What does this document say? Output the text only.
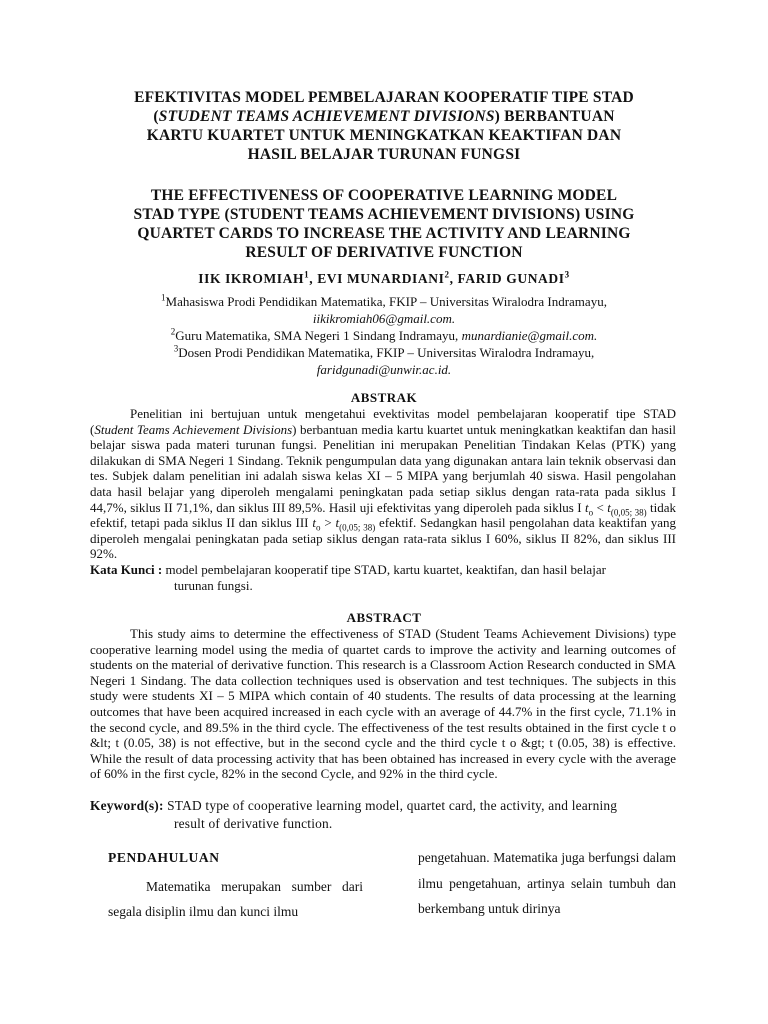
EFEKTIVITAS MODEL PEMBELAJARAN KOOPERATIF TIPE STAD
(STUDENT TEAMS ACHIEVEMENT DIVISIONS) BERBANTUAN
KARTU KUARTET UNTUK MENINGKATKAN KEAKTIFAN DAN
HASIL BELAJAR TURUNAN FUNGSI
THE EFFECTIVENESS OF COOPERATIVE LEARNING MODEL
STAD TYPE (STUDENT TEAMS ACHIEVEMENT DIVISIONS) USING
QUARTET CARDS TO INCREASE THE ACTIVITY AND LEARNING
RESULT OF DERIVATIVE FUNCTION
IIK IKROMIAH$^1$, EVI MUNARDIANI$^2$, FARID GUNADI$^3$
$^1$Mahasiswa Prodi Pendidikan Matematika, FKIP – Universitas Wiralodra Indramayu,
iikikromiah06@gmail.com.
$^2$Guru Matematika, SMA Negeri 1 Sindang Indramayu, munardianie@gmail.com.
$^3$Dosen Prodi Pendidikan Matematika, FKIP – Universitas Wiralodra Indramayu,
faridgunadi@unwir.ac.id.
ABSTRAK

Penelitian ini bertujuan untuk mengetahui evektivitas model pembelajaran kooperatif tipe STAD (Student Teams Achievement Divisions) berbantuan media kartu kuartet untuk meningkatkan keaktifan dan hasil belajar siswa pada materi turunan fungsi. Penelitian ini merupakan Penelitian Tindakan Kelas (PTK) yang dilakukan di SMA Negeri 1 Sindang. Teknik pengumpulan data yang digunakan antara lain teknik observasi dan tes. Subjek dalam penelitian ini adalah siswa kelas XI – 5 MIPA yang berjumlah 40 siswa. Hasil pengolahan data hasil belajar yang diperoleh mengalami peningkatan pada setiap siklus dengan rata-rata pada siklus I 44,7%, siklus II 71,1%, dan siklus III 89,5%. Hasil uji efektivitas yang diperoleh pada siklus I $t_o < t_{(0,05; 38)}$ tidak efektif, tetapi pada siklus II dan siklus III $t_o > t_{(0,05; 38)}$ efektif. Sedangkan hasil pengolahan data keaktifan yang diperoleh mengalai peningkatan pada setiap siklus dengan rata-rata siklus I 60%, siklus II 82%, dan siklus III 92%.

Kata Kunci : model pembelajaran kooperatif tipe STAD, kartu kuartet, keaktifan, dan hasil belajar
turunan fungsi.
ABSTRACT

This study aims to determine the effectiveness of STAD (Student Teams Achievement Divisions) type cooperative learning model using the media of quartet cards to improve the activity and learning outcomes of students on the material of derivative function. This research is a Classroom Action Research conducted in SMA Negeri 1 Sindang. The data collection techniques used is observation and test techniques. The subjects in this study were students XI – 5 MIPA which contain of 40 students. The results of data processing at the learning outcomes that have been acquired increased in each cycle with an average of 44.7% in the first cycle, 71.1% in the second cycle, and 89.5% in the third cycle. The effectiveness of the test results obtained in the first cycle t o &lt; t (0.05, 38) is not effective, but in the second cycle and the third cycle t o &gt; t (0.05, 38) is effective. While the result of data processing activity that has been obtained has increased in every cycle with the average of 60% in the first cycle, 82% in the second Cycle, and 92% in the third cycle.

Keyword(s): STAD type of cooperative learning model, quartet card, the activity, and learning
result of derivative function.
PENDAHULUAN

Matematika merupakan sumber dari segala disiplin ilmu dan kunci ilmu

pengetahuan. Matematika juga berfungsi dalam ilmu pengetahuan, artinya selain tumbuh dan berkembang untuk dirinya
